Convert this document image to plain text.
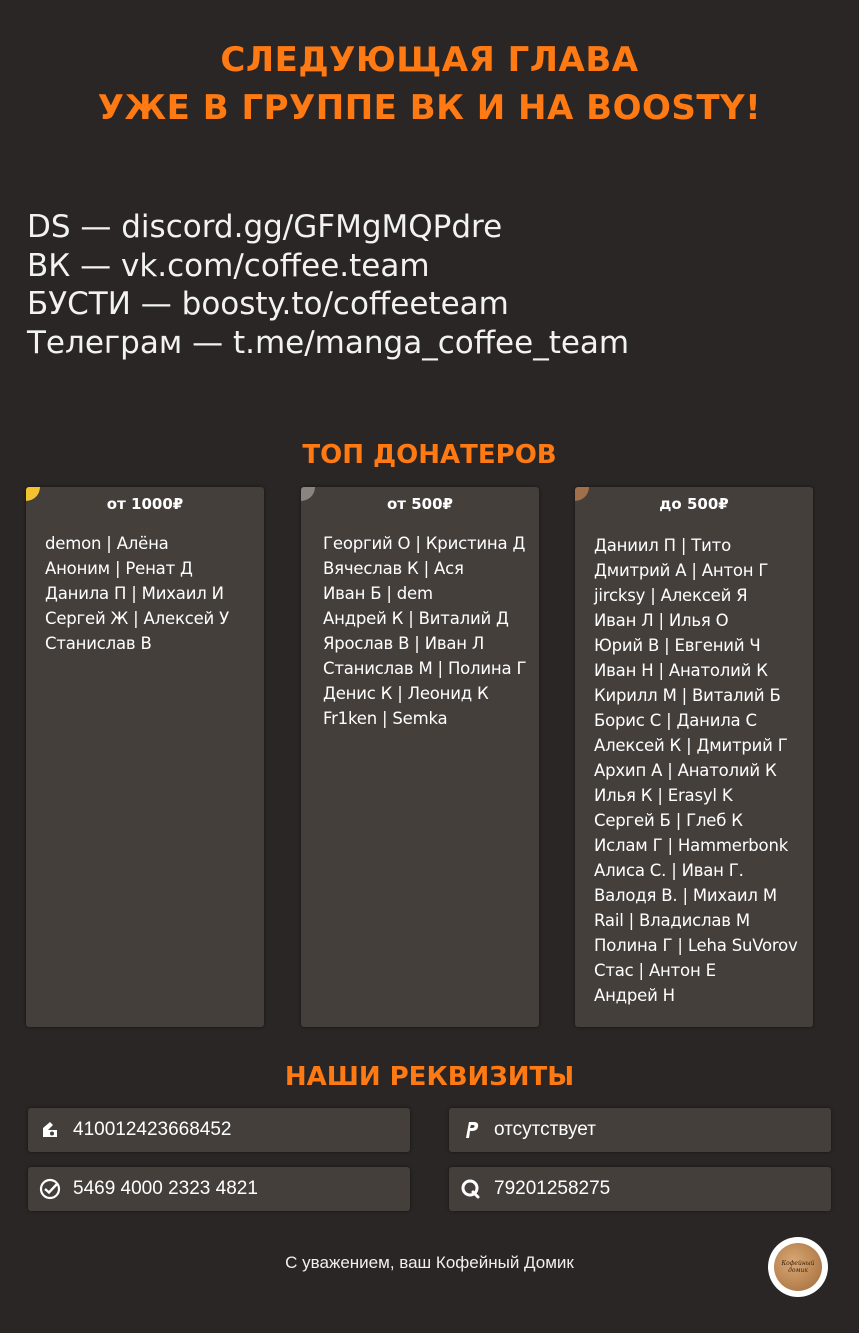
СЛЕДУЮЩАЯ ГЛАВА
УЖЕ В ГРУППЕ ВК И НА BOOSTY!
DS — discord.gg/GFMgMQPdre
ВК — vk.com/coffee.team
БУСТИ — boosty.to/coffeeteam
Телеграм — t.me/manga_coffee_team
ТОП ДОНАТЕРОВ
от 1000₽
demon | Алёна
Аноним | Ренат Д
Данила П | Михаил И
Сергей Ж | Алексей У
Станислав В
от 500₽
Георгий О | Кристина Д
Вячеслав К | Ася
Иван Б | dem
Андрей К | Виталий Д
Ярослав В | Иван Л
Станислав М | Полина Г
Денис К | Леонид К
Fr1ken | Semka
до 500₽
Даниил П | Тито
Дмитрий А | Антон Г
jircksy | Алексей Я
Иван Л | Илья О
Юрий В | Евгений Ч
Иван Н | Анатолий К
Кирилл М | Виталий Б
Борис С | Данила С
Алексей К | Дмитрий Г
Архип А | Анатолий К
Илья К | Erasyl K
Сергей Б | Глеб К
Ислам Г | Hammerbonk
Алиса С. | Иван Г.
Валодя В. | Михаил М
Rail | Владислав М
Полина Г | Leha SuVorov
Стас | Антон Е
Андрей Н
НАШИ РЕКВИЗИТЫ
410012423668452	отсутствует
5469 4000 2323 4821	79201258275
С уважением, ваш Кофейный Домик	Кофейный домик
